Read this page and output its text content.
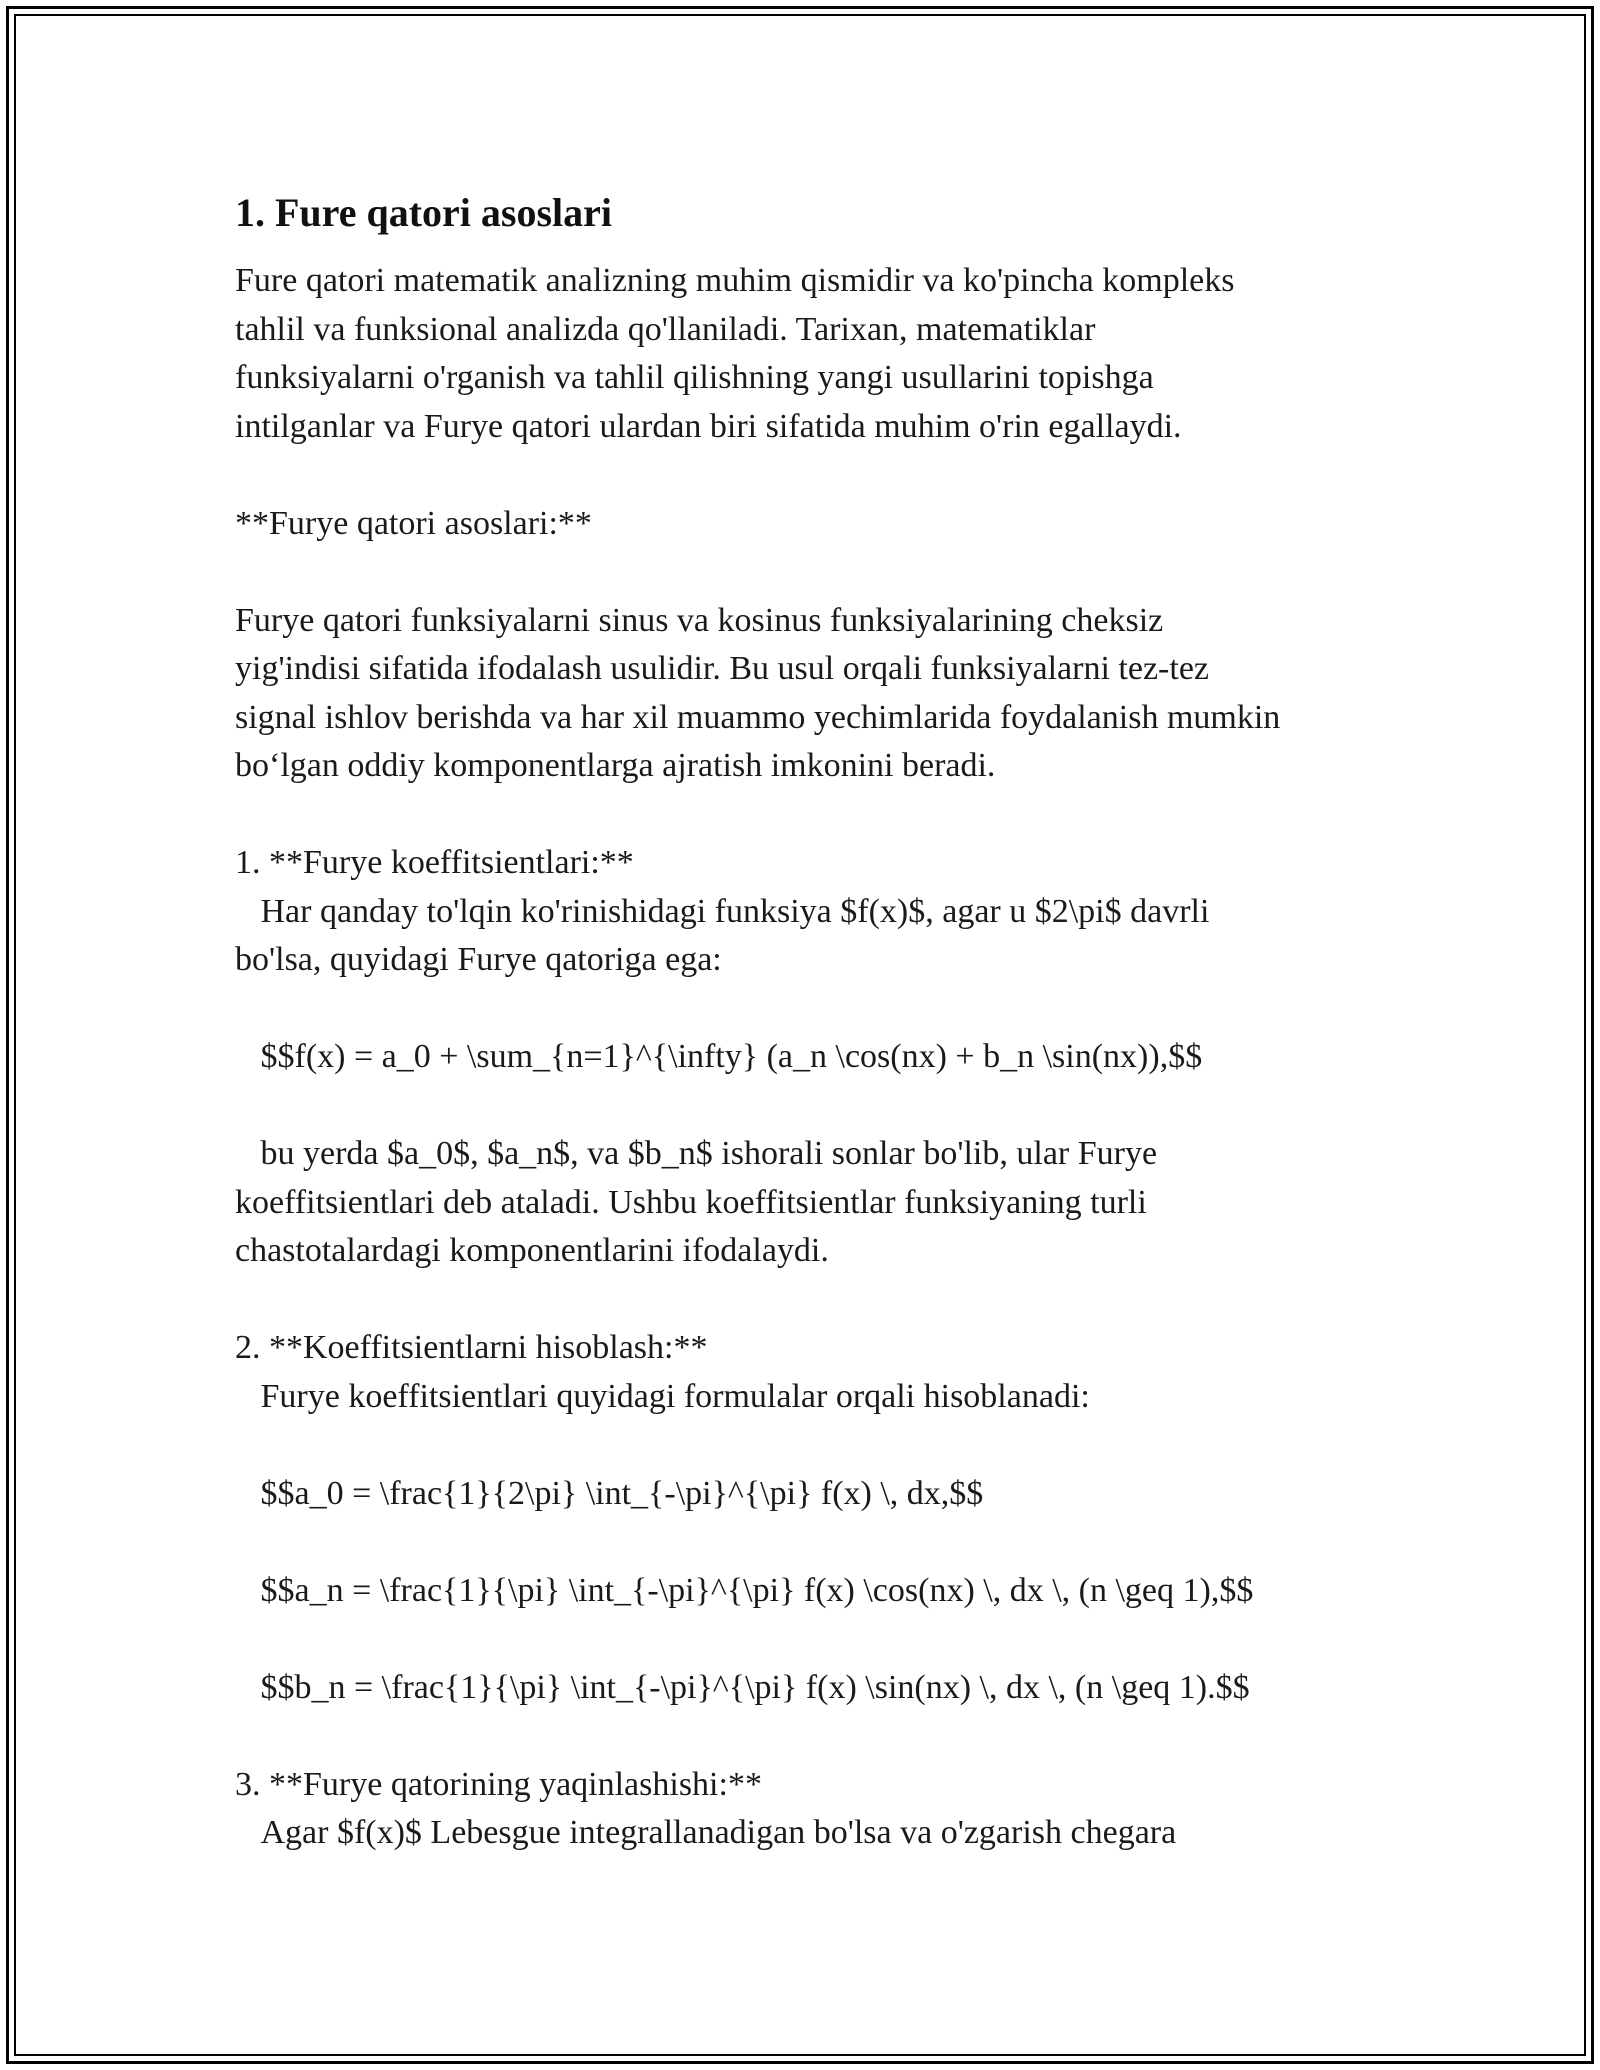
1. Fure qatori asoslari

Fure qatori matematik analizning muhim qismidir va ko'pincha kompleks
tahlil va funksional analizda qo'llaniladi. Tarixan, matematiklar
funksiyalarni o'rganish va tahlil qilishning yangi usullarini topishga
intilganlar va Furye qatori ulardan biri sifatida muhim o'rin egallaydi.

**Furye qatori asoslari:**

Furye qatori funksiyalarni sinus va kosinus funksiyalarining cheksiz
yig'indisi sifatida ifodalash usulidir. Bu usul orqali funksiyalarni tez-tez
signal ishlov berishda va har xil muammo yechimlarida foydalanish mumkin
bo‘lgan oddiy komponentlarga ajratish imkonini beradi.

1. **Furye koeffitsientlari:**

Har qanday to'lqin ko'rinishidagi funksiya $f(x)$, agar u $2\pi$ davrli
bo'lsa, quyidagi Furye qatoriga ega:

$$f(x) = a_0 + \sum_{n=1}^{\infty} (a_n \cos(nx) + b_n \sin(nx)),$$

bu yerda $a_0$, $a_n$, va $b_n$ ishorali sonlar bo'lib, ular Furye
koeffitsientlari deb ataladi. Ushbu koeffitsientlar funksiyaning turli
chastotalardagi komponentlarini ifodalaydi.

2. **Koeffitsientlarni hisoblash:**

Furye koeffitsientlari quyidagi formulalar orqali hisoblanadi:

$$a_0 = \frac{1}{2\pi} \int_{-\pi}^{\pi} f(x) \, dx,$$

$$a_n = \frac{1}{\pi} \int_{-\pi}^{\pi} f(x) \cos(nx) \, dx \, (n \geq 1),$$

$$b_n = \frac{1}{\pi} \int_{-\pi}^{\pi} f(x) \sin(nx) \, dx \, (n \geq 1).$$

3. **Furye qatorining yaqinlashishi:**

Agar $f(x)$ Lebesgue integrallanadigan bo'lsa va o'zgarish chegara
